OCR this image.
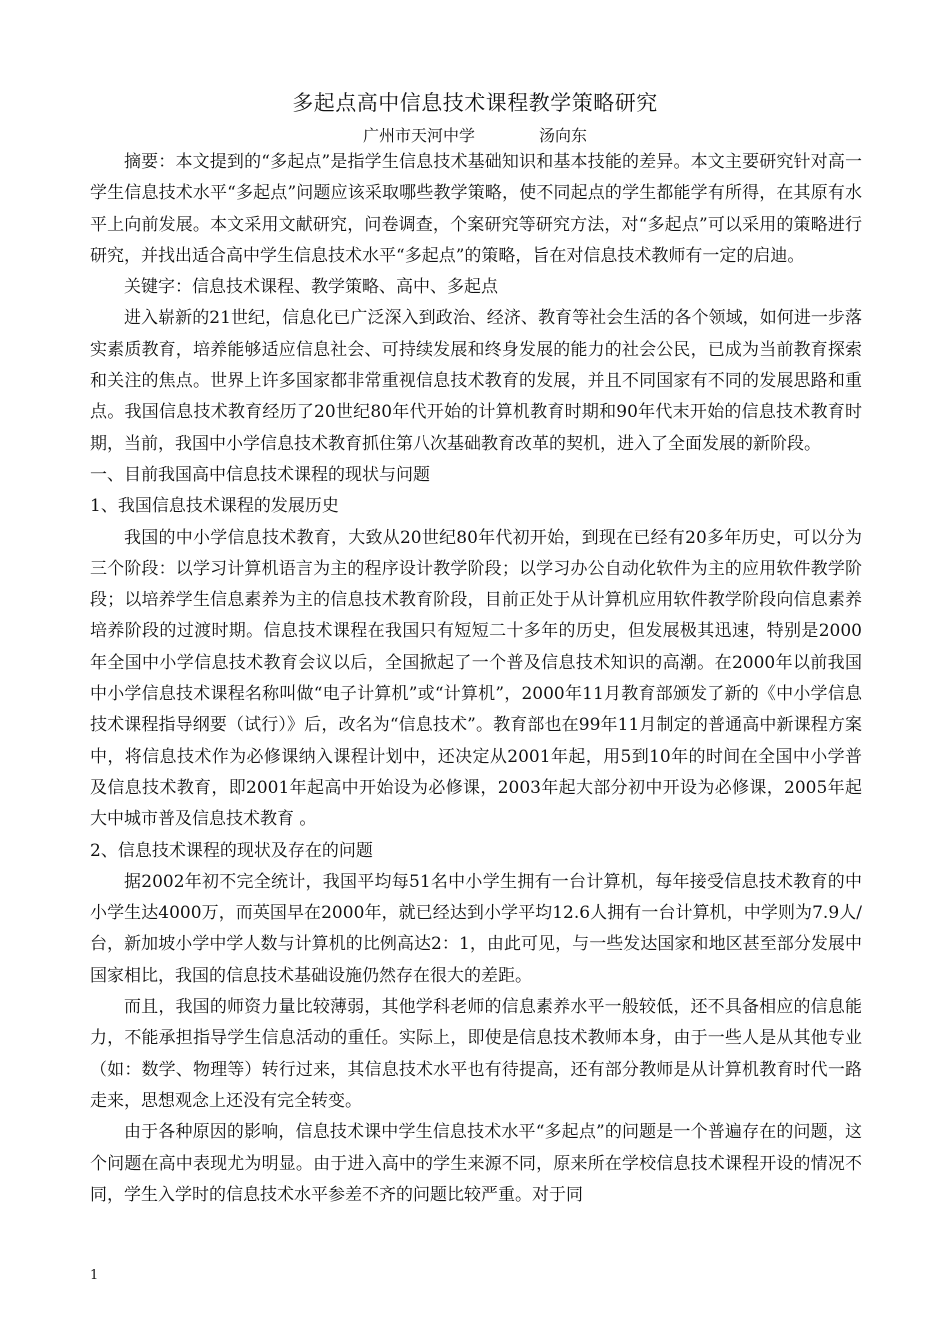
多起点高中信息技术课程教学策略研究
广州市天河中学	汤向东

摘要：本文提到的“多起点”是指学生信息技术基础知识和基本技能的差异。本文主要研究针对高一学生信息技术水平“多起点”问题应该采取哪些教学策略，使不同起点的学生都能学有所得，在其原有水平上向前发展。本文采用文献研究，问卷调查，个案研究等研究方法，对“多起点”可以采用的策略进行研究，并找出适合高中学生信息技术水平“多起点”的策略，旨在对信息技术教师有一定的启迪。

关键字：信息技术课程、教学策略、高中、多起点

进入崭新的21世纪，信息化已广泛深入到政治、经济、教育等社会生活的各个领域，如何进一步落实素质教育，培养能够适应信息社会、可持续发展和终身发展的能力的社会公民，已成为当前教育探索和关注的焦点。世界上许多国家都非常重视信息技术教育的发展，并且不同国家有不同的发展思路和重点。我国信息技术教育经历了20世纪80年代开始的计算机教育时期和90年代末开始的信息技术教育时期，当前，我国中小学信息技术教育抓住第八次基础教育改革的契机，进入了全面发展的新阶段。

一、目前我国高中信息技术课程的现状与问题

1、我国信息技术课程的发展历史

我国的中小学信息技术教育，大致从20世纪80年代初开始，到现在已经有20多年历史，可以分为三个阶段：以学习计算机语言为主的程序设计教学阶段；以学习办公自动化软件为主的应用软件教学阶段；以培养学生信息素养为主的信息技术教育阶段，目前正处于从计算机应用软件教学阶段向信息素养培养阶段的过渡时期。信息技术课程在我国只有短短二十多年的历史，但发展极其迅速，特别是2000年全国中小学信息技术教育会议以后，全国掀起了一个普及信息技术知识的高潮。在2000年以前我国中小学信息技术课程名称叫做“电子计算机”或“计算机”，2000年11月教育部颁发了新的《中小学信息技术课程指导纲要（试行）》后，改名为“信息技术”。教育部也在99年11月制定的普通高中新课程方案中，将信息技术作为必修课纳入课程计划中，还决定从2001年起，用5到10年的时间在全国中小学普及信息技术教育，即2001年起高中开始设为必修课，2003年起大部分初中开设为必修课，2005年起大中城市普及信息技术教育 。

2、信息技术课程的现状及存在的问题

据2002年初不完全统计，我国平均每51名中小学生拥有一台计算机，每年接受信息技术教育的中小学生达4000万，而英国早在2000年，就已经达到小学平均12.6人拥有一台计算机，中学则为7.9人/台，新加坡小学中学人数与计算机的比例高达2：1，由此可见，与一些发达国家和地区甚至部分发展中国家相比，我国的信息技术基础设施仍然存在很大的差距。

而且，我国的师资力量比较薄弱，其他学科老师的信息素养水平一般较低，还不具备相应的信息能力，不能承担指导学生信息活动的重任。实际上，即使是信息技术教师本身，由于一些人是从其他专业（如：数学、物理等）转行过来，其信息技术水平也有待提高，还有部分教师是从计算机教育时代一路走来，思想观念上还没有完全转变。

由于各种原因的影响，信息技术课中学生信息技术水平“多起点”的问题是一个普遍存在的问题，这个问题在高中表现尤为明显。由于进入高中的学生来源不同，原来所在学校信息技术课程开设的情况不同，学生入学时的信息技术水平参差不齐的问题比较严重。对于同

1
